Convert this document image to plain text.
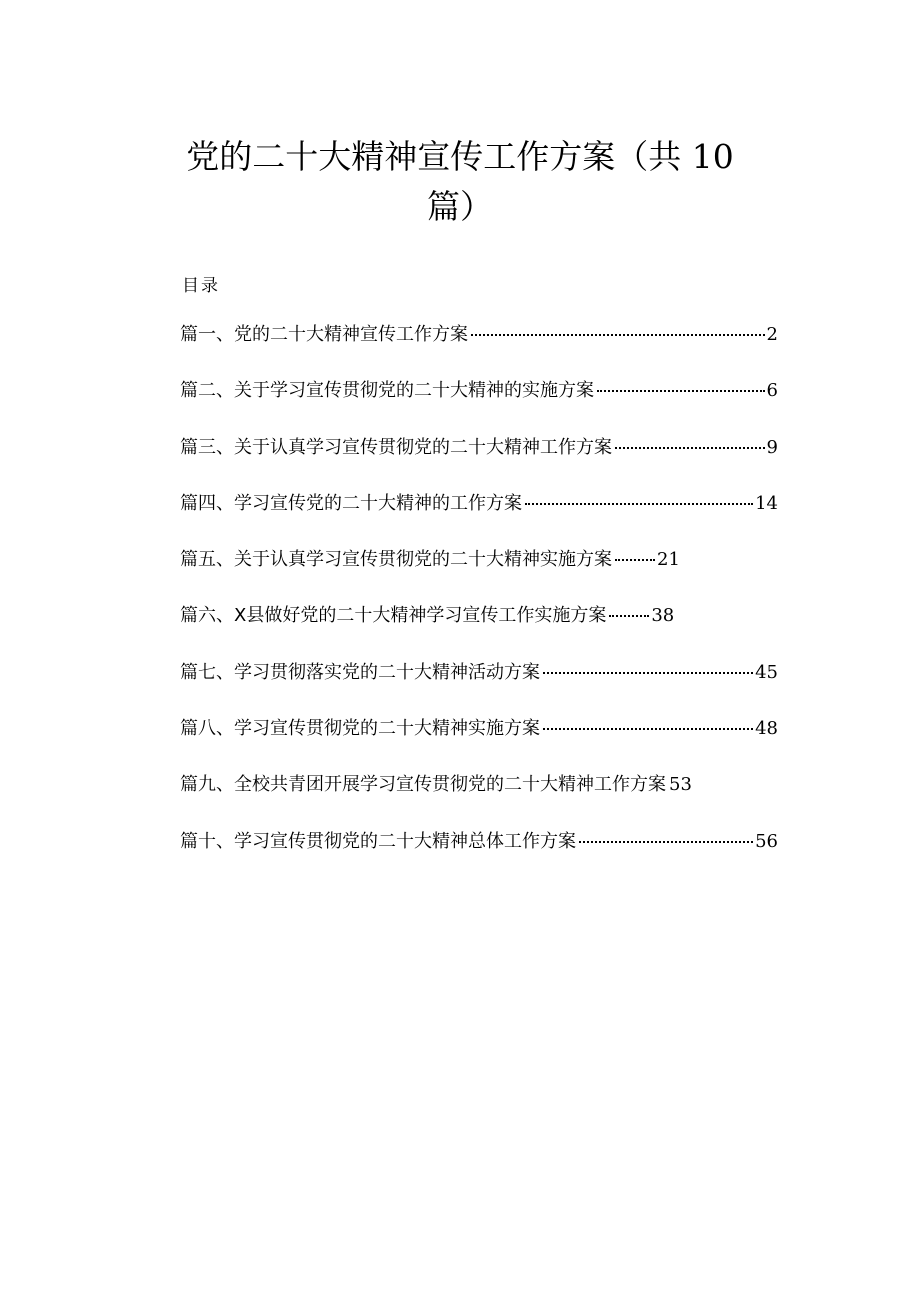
党的二十大精神宣传工作方案（共 10
篇）
目录
篇一、党的二十大精神宣传工作方案	2
篇二、关于学习宣传贯彻党的二十大精神的实施方案	6
篇三、关于认真学习宣传贯彻党的二十大精神工作方案	9
篇四、学习宣传党的二十大精神的工作方案	14
篇五、关于认真学习宣传贯彻党的二十大精神实施方案	21
篇六、X县做好党的二十大精神学习宣传工作实施方案	38
篇七、学习贯彻落实党的二十大精神活动方案	45
篇八、学习宣传贯彻党的二十大精神实施方案	48
篇九、全校共青团开展学习宣传贯彻党的二十大精神工作方案 53
篇十、学习宣传贯彻党的二十大精神总体工作方案	56
